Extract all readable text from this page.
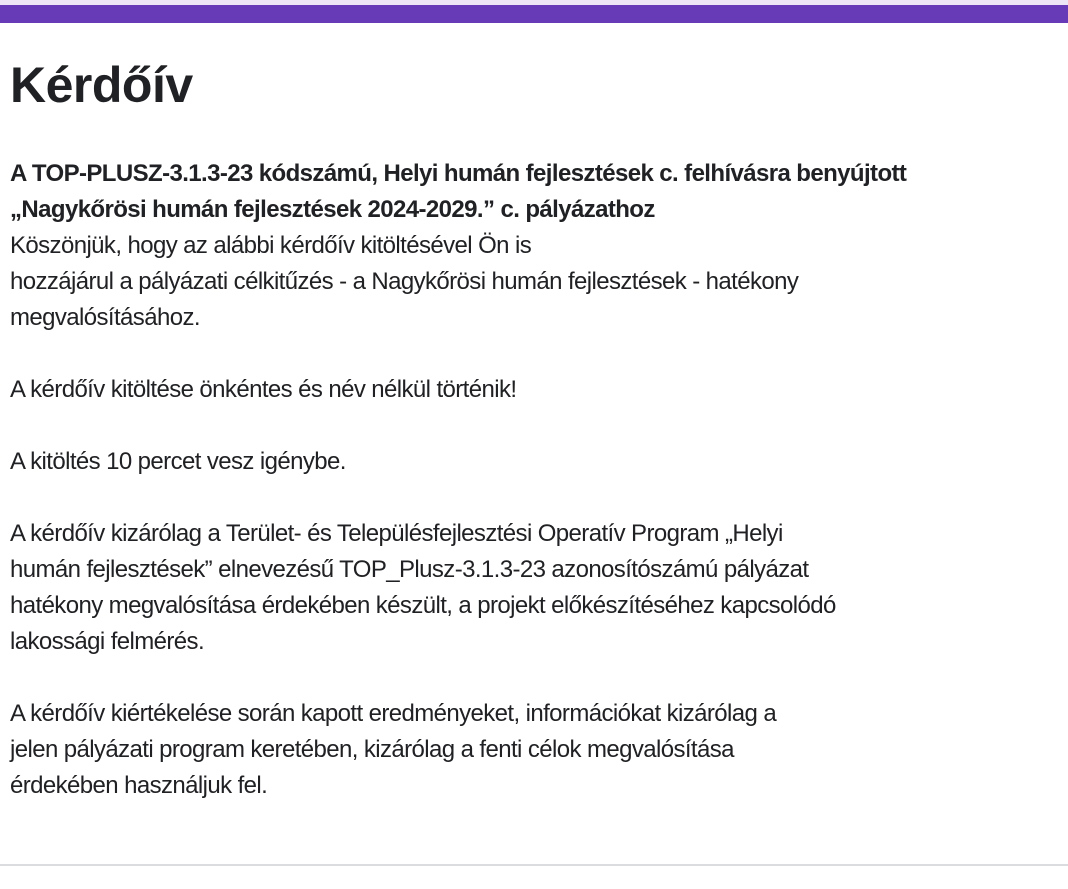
Kérdőív

A TOP-PLUSZ-3.1.3-23 kódszámú, Helyi humán fejlesztések c. felhívásra benyújtott

„Nagykőrösi humán fejlesztések 2024-2029.” c. pályázathoz

Köszönjük, hogy az alábbi kérdőív kitöltésével Ön is

hozzájárul a pályázati célkitűzés - a Nagykőrösi humán fejlesztések - hatékony

megvalósításához.

A kérdőív kitöltése önkéntes és név nélkül történik!

A kitöltés 10 percet vesz igénybe.

A kérdőív kizárólag a Terület- és Településfejlesztési Operatív Program „Helyi

humán fejlesztések” elnevezésű TOP_Plusz-3.1.3-23 azonosítószámú pályázat

hatékony megvalósítása érdekében készült, a projekt előkészítéséhez kapcsolódó

lakossági felmérés.

A kérdőív kiértékelése során kapott eredményeket, információkat kizárólag a

jelen pályázati program keretében, kizárólag a fenti célok megvalósítása

érdekében használjuk fel.
